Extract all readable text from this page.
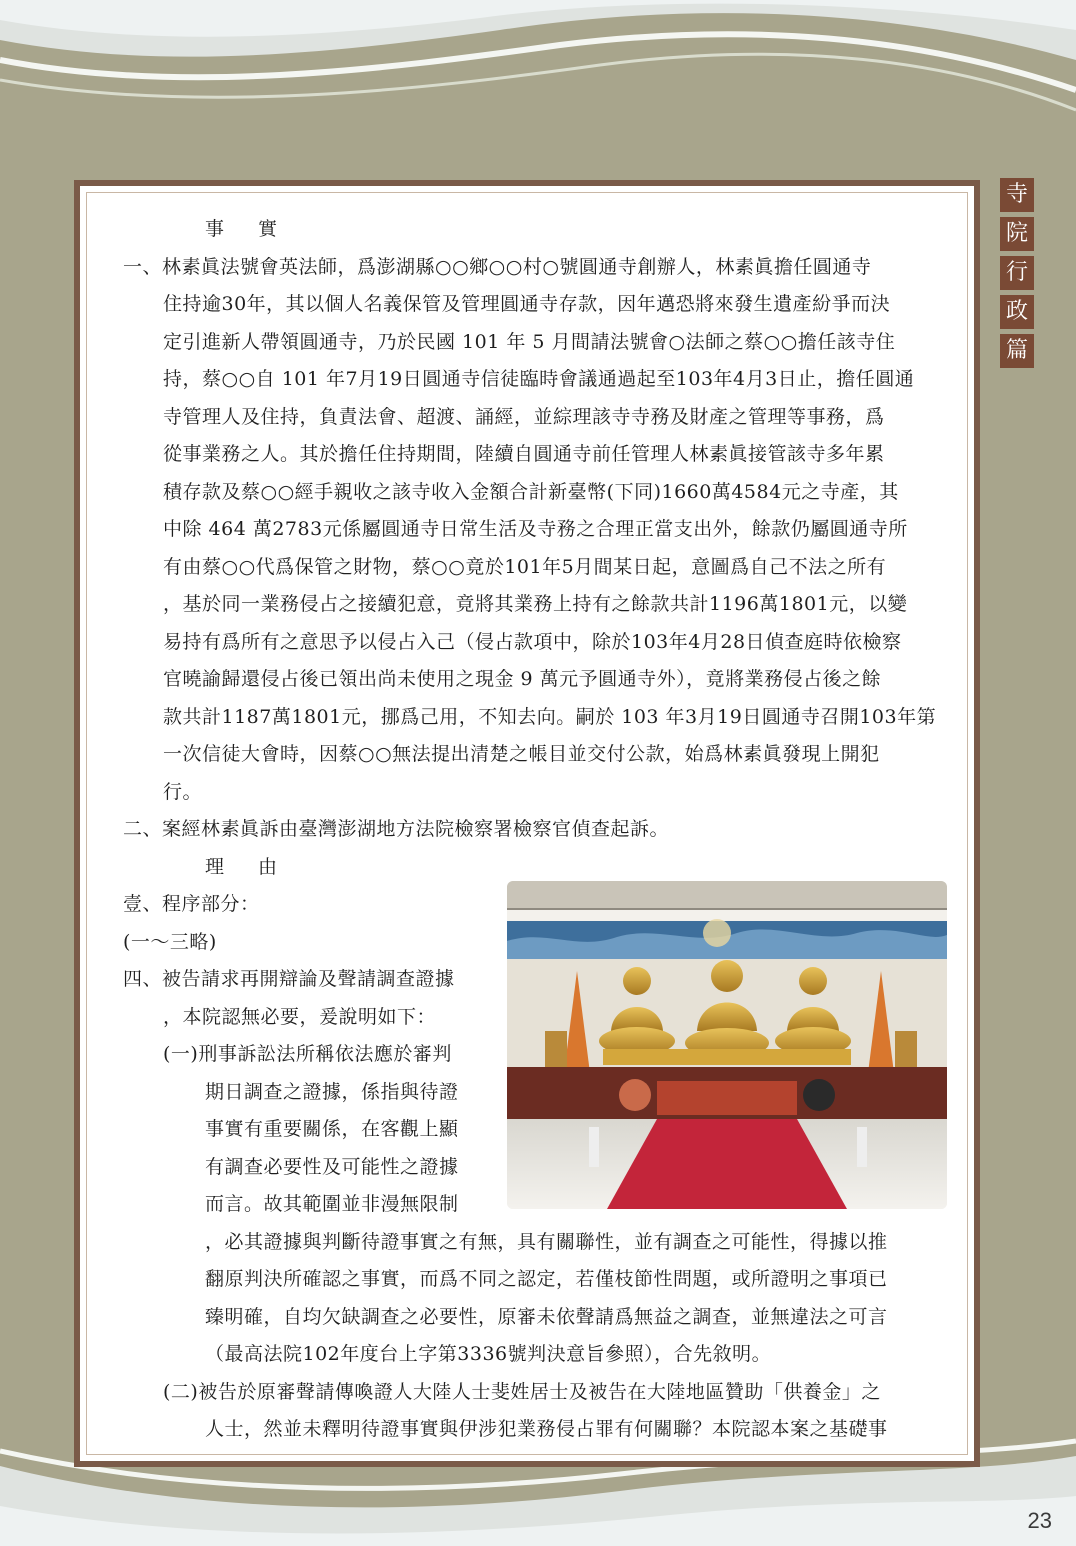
寺
院
行
政
篇

事 實

一、林素眞法號會英法師，爲澎湖縣○○鄉○○村○號圓通寺創辦人，林素眞擔任圓通寺

住持逾30年，其以個人名義保管及管理圓通寺存款，因年邁恐將來發生遺產紛爭而決

定引進新人帶領圓通寺，乃於民國 101 年 5 月間請法號會○法師之蔡○○擔任該寺住

持，蔡○○自 101 年7月19日圓通寺信徒臨時會議通過起至103年4月3日止，擔任圓通

寺管理人及住持，負責法會、超渡、誦經，並綜理該寺寺務及財產之管理等事務，爲

從事業務之人。其於擔任住持期間，陸續自圓通寺前任管理人林素眞接管該寺多年累

積存款及蔡○○經手親收之該寺收入金額合計新臺幣(下同)1660萬4584元之寺產，其

中除 464 萬2783元係屬圓通寺日常生活及寺務之合理正當支出外，餘款仍屬圓通寺所

有由蔡○○代爲保管之財物，蔡○○竟於101年5月間某日起，意圖爲自己不法之所有

，基於同一業務侵占之接續犯意，竟將其業務上持有之餘款共計1196萬1801元，以變

易持有爲所有之意思予以侵占入己（侵占款項中，除於103年4月28日偵查庭時依檢察

官曉諭歸還侵占後已領出尚未使用之現金 9 萬元予圓通寺外），竟將業務侵占後之餘

款共計1187萬1801元，挪爲己用，不知去向。嗣於 103 年3月19日圓通寺召開103年第

一次信徒大會時，因蔡○○無法提出清楚之帳目並交付公款，始爲林素眞發現上開犯

行。

二、案經林素眞訴由臺灣澎湖地方法院檢察署檢察官偵查起訴。

理 由

壹、程序部分：

(一～三略)

四、被告請求再開辯論及聲請調查證據

，本院認無必要，爰說明如下：

(一)刑事訴訟法所稱依法應於審判

期日調查之證據，係指與待證

事實有重要關係，在客觀上顯

有調查必要性及可能性之證據

而言。故其範圍並非漫無限制

，必其證據與判斷待證事實之有無，具有關聯性，並有調查之可能性，得據以推

翻原判決所確認之事實，而爲不同之認定，若僅枝節性問題，或所證明之事項已

臻明確，自均欠缺調查之必要性，原審未依聲請爲無益之調查，並無違法之可言

（最高法院102年度台上字第3336號判決意旨參照），合先敘明。

(二)被告於原審聲請傳喚證人大陸人士斐姓居士及被告在大陸地區贊助「供養金」之

人士，然並未釋明待證事實與伊涉犯業務侵占罪有何關聯？本院認本案之基礎事

23
